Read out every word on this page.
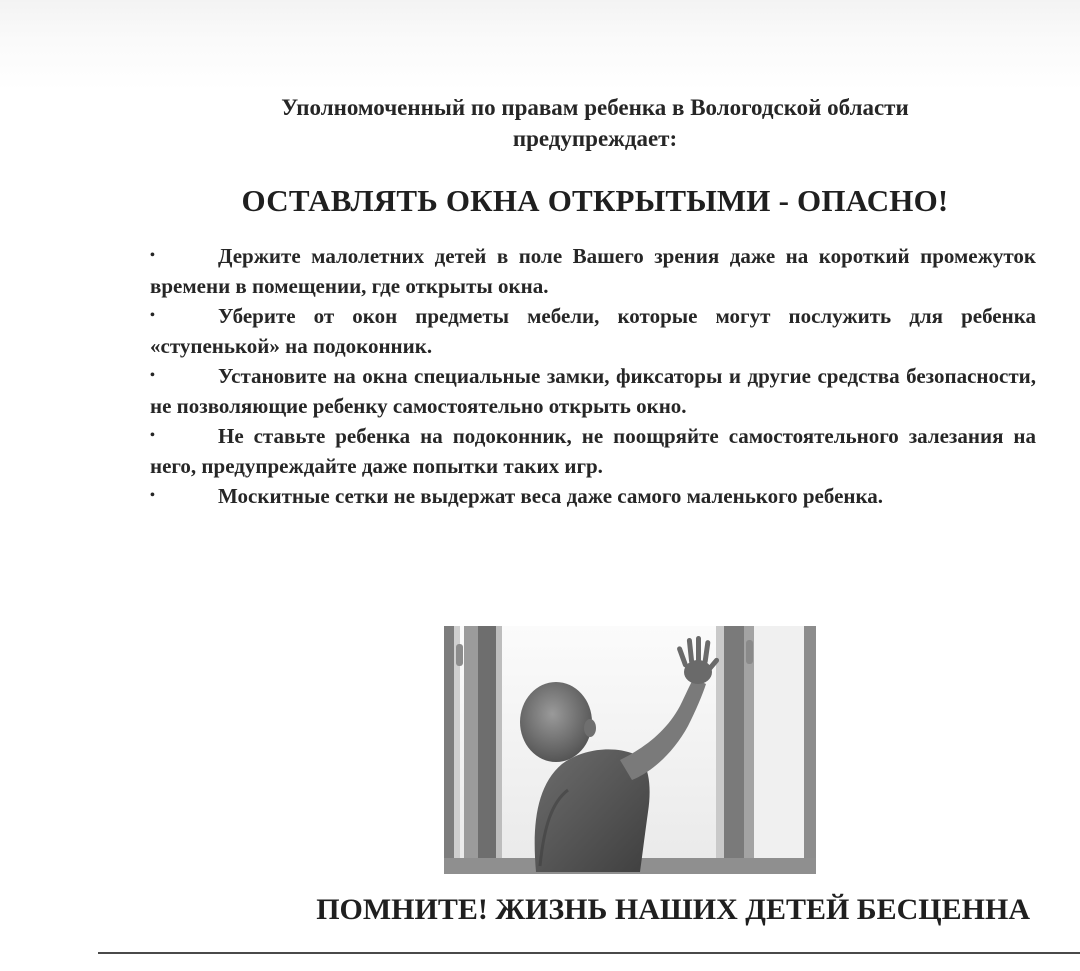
Уполномоченный по правам ребенка в Вологодской области
предупреждает:
ОСТАВЛЯТЬ ОКНА ОТКРЫТЫМИ - ОПАСНО!
•	Держите малолетних детей в поле Вашего зрения даже на короткий промежуток времени в помещении, где открыты окна.
•	Уберите от окон предметы мебели, которые могут послужить для ребенка «ступенькой» на подоконник.
•	Установите на окна специальные замки, фиксаторы и другие средства безопасности, не позволяющие ребенку самостоятельно открыть окно.
•	Не ставьте ребенка на подоконник, не поощряйте самостоятельного залезания на него, предупреждайте даже попытки таких игр.
•	Москитные сетки не выдержат веса даже самого маленького ребенка.
ПОМНИТЕ! ЖИЗНЬ НАШИХ ДЕТЕЙ БЕСЦЕННА
